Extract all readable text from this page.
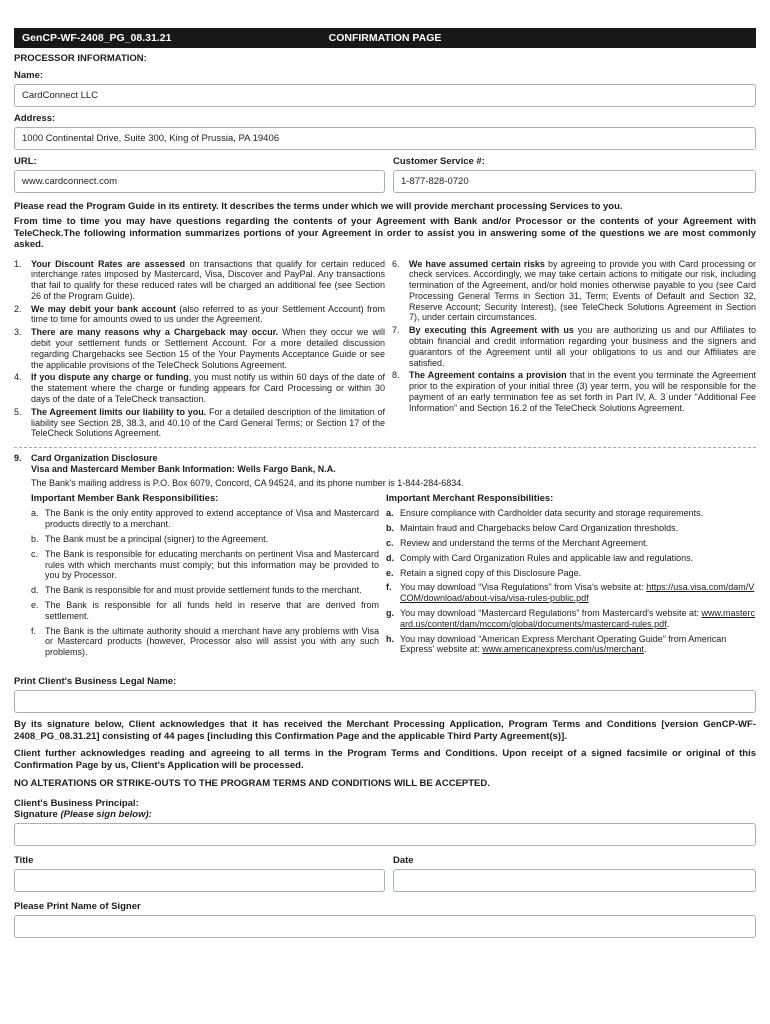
GenCP-WF-2408_PG_08.31.21	CONFIRMATION PAGE
PROCESSOR INFORMATION:
Name:
CardConnect LLC
Address:
1000 Continental Drive, Suite 300, King of Prussia, PA 19406
URL:
www.cardconnect.com	Customer Service #:
1-877-828-0720

Please read the Program Guide in its entirety. It describes the terms under which we will provide merchant processing Services to you.

From time to time you may have questions regarding the contents of your Agreement with Bank and/or Processor or the contents of your Agreement with TeleCheck.The following information summarizes portions of your Agreement in order to assist you in answering some of the questions we are most commonly asked.

1.	Your Discount Rates are assessed on transactions that qualify for certain reduced interchange rates imposed by Mastercard, Visa, Discover and PayPal. Any transactions that fail to qualify for these reduced rates will be charged an additional fee (see Section 26 of the Program Guide).
2.	We may debit your bank account (also referred to as your Settlement Account) from time to time for amounts owed to us under the Agreement.
3.	There are many reasons why a Chargeback may occur. When they occur we will debit your settlement funds or Settlement Account. For a more detailed discussion regarding Chargebacks see Section 15 of the Your Payments Acceptance Guide or see the applicable provisions of the TeleCheck Solutions Agreement.
4.	If you dispute any charge or funding, you must notify us within 60 days of the date of the statement where the charge or funding appears for Card Processing or within 30 days of the date of a TeleCheck transaction.
5.	The Agreement limits our liability to you. For a detailed description of the limitation of liability see Section 28, 38.3, and 40.10 of the Card General Terms; or Section 17 of the TeleCheck Solutions Agreement.
6.	We have assumed certain risks by agreeing to provide you with Card processing or check services. Accordingly, we may take certain actions to mitigate our risk, including termination of the Agreement, and/or hold monies otherwise payable to you (see Card Processing General Terms in Section 31, Term; Events of Default and Section 32, Reserve Account; Security Interest), (see TeleCheck Solutions Agreement in Section 7), under certain circumstances.
7.	By executing this Agreement with us you are authorizing us and our Affiliates to obtain financial and credit information regarding your business and the signers and guarantors of the Agreement until all your obligations to us and our Affiliates are satisfied.
8.	The Agreement contains a provision that in the event you terminate the Agreement prior to the expiration of your initial three (3) year term, you will be responsible for the payment of an early termination fee as set forth in Part IV, A. 3 under “Additional Fee Information” and Section 16.2 of the TeleCheck Solutions Agreement.
9.	Card Organization Disclosure
Visa and Mastercard Member Bank Information: Wells Fargo Bank, N.A.
The Bank's mailing address is P.O. Box 6079, Concord, CA 94524, and its phone number is 1-844-284-6834.
Important Member Bank Responsibilities:
a. The Bank is the only entity approved to extend acceptance of Visa and Mastercard products directly to a merchant.
b. The Bank must be a principal (signer) to the Agreement.
c. The Bank is responsible for educating merchants on pertinent Visa and Mastercard rules with which merchants must comply; but this information may be provided to you by Processor.
d. The Bank is responsible for and must provide settlement funds to the merchant.
e. The Bank is responsible for all funds held in reserve that are derived from settlement.
f. The Bank is the ultimate authority should a merchant have any problems with Visa or Mastercard products (however, Processor also will assist you with any such problems).
Important Merchant Responsibilities:
a. Ensure compliance with Cardholder data security and storage requirements.
b. Maintain fraud and Chargebacks below Card Organization thresholds.
c. Review and understand the terms of the Merchant Agreement.
d. Comply with Card Organization Rules and applicable law and regulations.
e. Retain a signed copy of this Disclosure Page.
f. You may download “Visa Regulations” from Visa's website at: https://usa.visa.com/dam/VCOM/download/about-visa/visa-rules-public.pdf
g. You may download “Mastercard Regulations” from Mastercard's website at: www.mastercard.us/content/dam/mccom/global/documents/mastercard-rules.pdf.
h. You may download “American Express Merchant Operating Guide” from American Express' website at: www.americanexpress.com/us/merchant.
Print Client's Business Legal Name:

By its signature below, Client acknowledges that it has received the Merchant Processing Application, Program Terms and Conditions [version GenCP-WF-2408_PG_08.31.21] consisting of 44 pages [including this Confirmation Page and the applicable Third Party Agreement(s)].

Client further acknowledges reading and agreeing to all terms in the Program Terms and Conditions. Upon receipt of a signed facsimile or original of this Confirmation Page by us, Client's Application will be processed.

NO ALTERATIONS OR STRIKE-OUTS TO THE PROGRAM TERMS AND CONDITIONS WILL BE ACCEPTED.

Client's Business Principal:
Signature (Please sign below):
Title	Date
Please Print Name of Signer
